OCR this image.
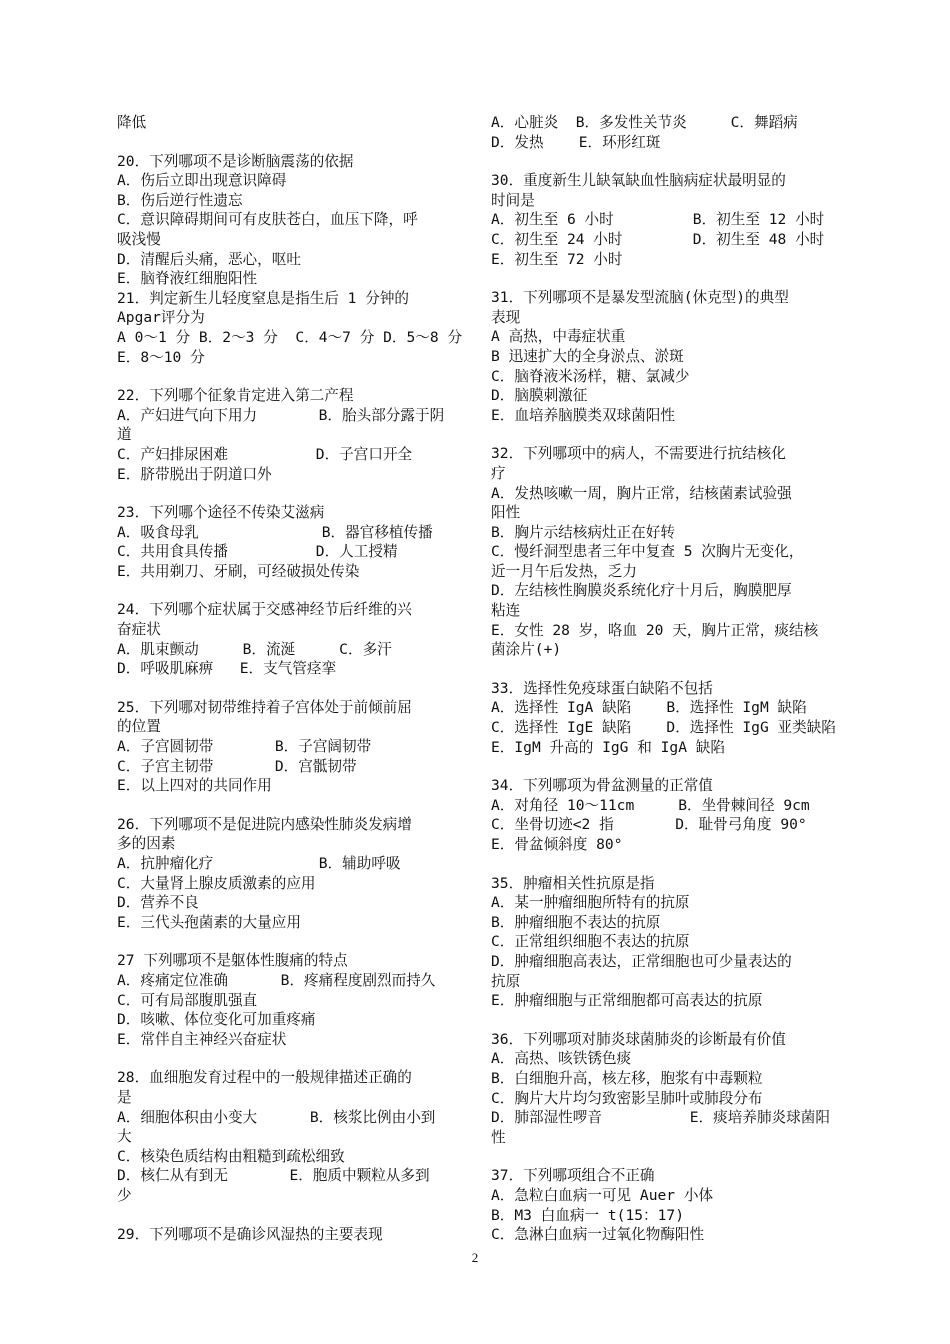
降低
20．下列哪项不是诊断脑震荡的依据
A．伤后立即出现意识障碍
B．伤后逆行性遗忘
C．意识障碍期间可有皮肤苍白，血压下降，呼
吸浅慢
D．清醒后头痛，恶心，呕吐
E．脑脊液红细胞阳性
21．判定新生儿轻度窒息是指生后 1 分钟的
Apgar评分为
A 0～1 分 B．2～3 分  C．4～7 分 D．5～8 分
E．8～10 分
22．下列哪个征象肯定进入第二产程
A．产妇进气向下用力       B．胎头部分露于阴
道
C．产妇排尿困难          D．子宫口开全
E．脐带脱出于阴道口外
23．下列哪个途径不传染艾滋病
A．吸食母乳              B．器官移植传播
C．共用食具传播          D．人工授精
E．共用剃刀、牙刷，可经破损处传染
24．下列哪个症状属于交感神经节后纤维的兴
奋症状
A．肌束颤动     B．流涎     C．多汗
D．呼吸肌麻痹   E．支气管痉挛
25．下列哪对韧带维持着子宫体处于前倾前屈
的位置
A．子宫圆韧带       B．子宫阔韧带
C．子宫主韧带       D．宫骶韧带
E．以上四对的共同作用
26．下列哪项不是促进院内感染性肺炎发病增
多的因素
A．抗肿瘤化疗            B．辅助呼吸
C．大量肾上腺皮质激素的应用
D．营养不良
E．三代头孢菌素的大量应用
27 下列哪项不是躯体性腹痛的特点
A．疼痛定位准确      B．疼痛程度剧烈而持久
C．可有局部腹肌强直
D．咳嗽、体位变化可加重疼痛
E．常伴自主神经兴奋症状
28．血细胞发育过程中的一般规律描述正确的
是
A．细胞体积由小变大      B．核浆比例由小到
大
C．核染色质结构由粗糙到疏松细致
D．核仁从有到无       E．胞质中颗粒从多到
少
29．下列哪项不是确诊风湿热的主要表现
A．心脏炎  B．多发性关节炎     C．舞蹈病
D．发热    E．环形红斑
30．重度新生儿缺氧缺血性脑病症状最明显的
时间是
A．初生至 6 小时         B．初生至 12 小时
C．初生至 24 小时        D．初生至 48 小时
E．初生至 72 小时
31．下列哪项不是暴发型流脑(休克型)的典型
表现
A 高热，中毒症状重
B 迅速扩大的全身淤点、淤斑
C．脑脊液米汤样，糖、氯减少
D．脑膜刺激征
E．血培养脑膜类双球菌阳性
32．下列哪项中的病人，不需要进行抗结核化
疗
A．发热咳嗽一周，胸片正常，结核菌素试验强
阳性
B．胸片示结核病灶正在好转
C．慢纤洞型患者三年中复查 5 次胸片无变化，
近一月午后发热，乏力
D．左结核性胸膜炎系统化疗十月后，胸膜肥厚
粘连
E．女性 28 岁，咯血 20 天，胸片正常，痰结核
菌涂片(+)
33．选择性免疫球蛋白缺陷不包括
A．选择性 IgA 缺陷    B．选择性 IgM 缺陷
C．选择性 IgE 缺陷    D．选择性 IgG 亚类缺陷
E．IgM 升高的 IgG 和 IgA 缺陷
34．下列哪项为骨盆测量的正常值
A．对角径 10～11cm     B．坐骨棘间径 9cm
C．坐骨切迹<2 指       D．耻骨弓角度 90°
E．骨盆倾斜度 80°
35．肿瘤相关性抗原是指
A．某一肿瘤细胞所特有的抗原
B．肿瘤细胞不表达的抗原
C．正常组织细胞不表达的抗原
D．肿瘤细胞高表达，正常细胞也可少量表达的
抗原
E．肿瘤细胞与正常细胞都可高表达的抗原
36．下列哪项对肺炎球菌肺炎的诊断最有价值
A．高热、咳铁锈色痰
B．白细胞升高，核左移，胞浆有中毒颗粒
C．胸片大片均匀致密影呈肺叶或肺段分布
D．肺部湿性啰音          E．痰培养肺炎球菌阳
性
37．下列哪项组合不正确
A．急粒白血病一可见 Auer 小体
B．M3 白血病一 t(15：17)
C．急淋白血病一过氧化物酶阳性
2
